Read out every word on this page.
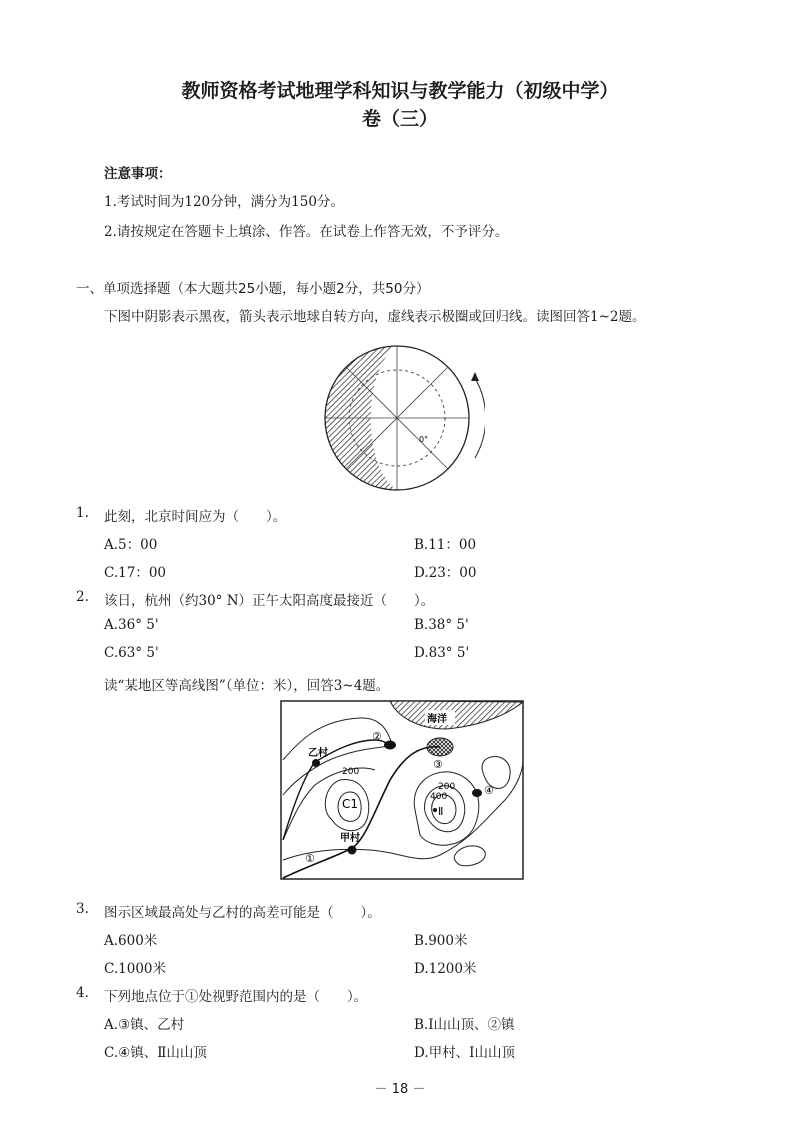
教师资格考试地理学科知识与教学能力（初级中学）
卷（三）
注意事项：
1.考试时间为120分钟，满分为150分。
2.请按规定在答题卡上填涂、作答。在试卷上作答无效，不予评分。
一、单项选择题（本大题共25小题，每小题2分，共50分）
下图中阴影表示黑夜，箭头表示地球自转方向，虚线表示极圈或回归线。读图回答1~2题。
0°
1. 此刻，北京时间应为（　　）。
A.5：00	B.11：00
C.17：00	D.23：00
2. 该日，杭州（约30° N）正午太阳高度最接近（　　）。
A.36° 5'	B.38° 5'
C.63° 5'	D.83° 5'
读“某地区等高线图”（单位：米），回答3~4题。
海洋
乙村
甲村
200
200
400
C1
Ⅱ
①
②
③
④
3. 图示区域最高处与乙村的高差可能是（　　）。
A.600米	B.900米
C.1000米	D.1200米
4. 下列地点位于①处视野范围内的是（　　）。
A.③镇、乙村	B.Ⅰ山山顶、②镇
C.④镇、Ⅱ山山顶	D.甲村、Ⅰ山山顶
－ 18 －
